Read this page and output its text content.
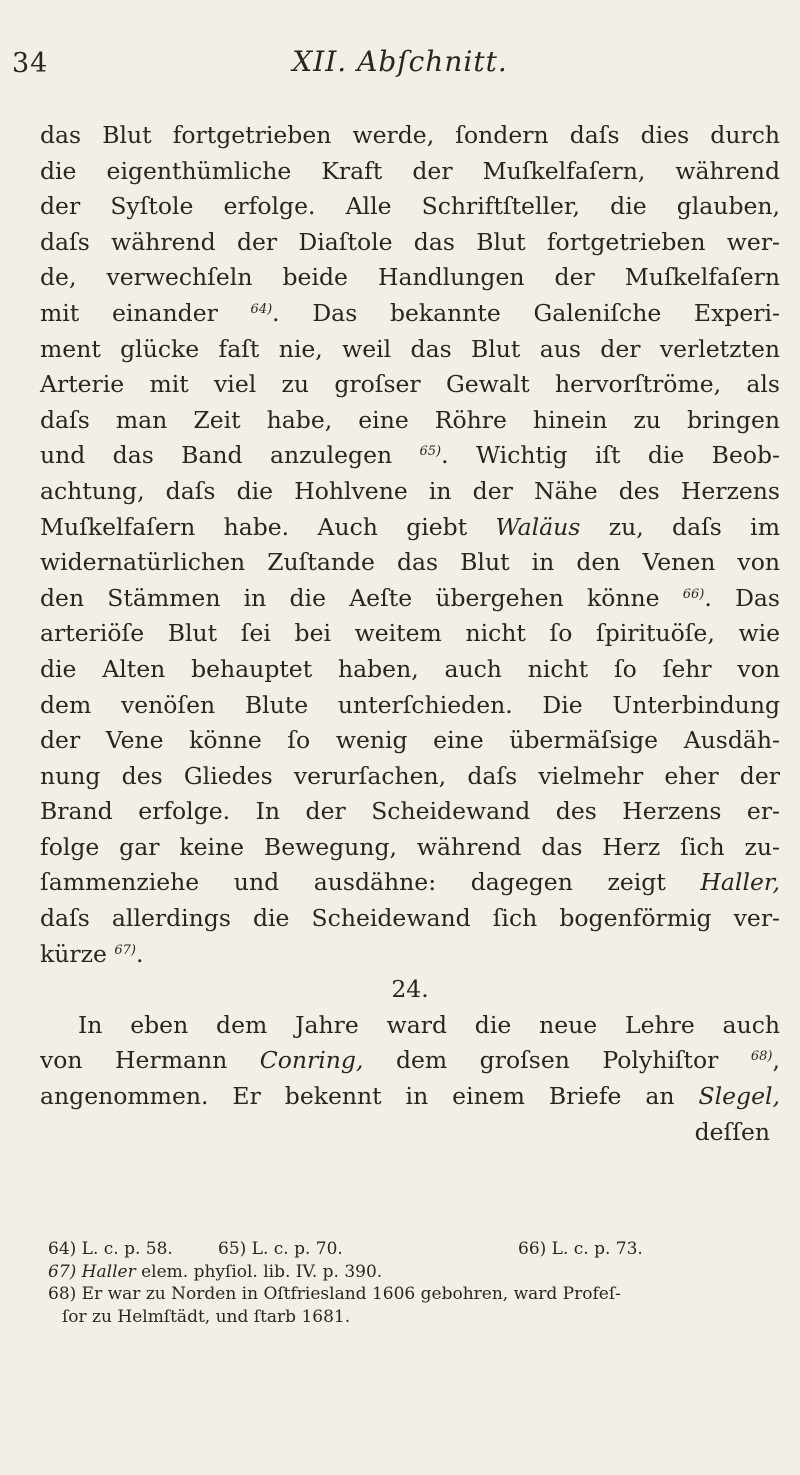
34	XII. Abſchnitt.
das Blut fortgetrieben werde, ſondern daſs dies durch
die eigenthümliche Kraft der Muſkelfaſern, während
der Syſtole erfolge. Alle Schriftſteller, die glauben,
daſs während der Diaſtole das Blut fortgetrieben wer-
de, verwechſeln beide Handlungen der Muſkelfaſern
mit einander	$^{64)}$. Das bekannte Galeniſche Experi-
ment glücke faſt nie, weil das Blut aus der verletzten
Arterie mit viel zu groſser Gewalt hervorſtröme, als
daſs man Zeit habe, eine Röhre hinein zu bringen
und das Band anzulegen $^{65)}$. Wichtig iſt die Beob-
achtung, daſs die Hohlvene in der Nähe des Herzens
Muſkelfaſern habe. Auch giebt Waläus zu, daſs im
widernatürlichen Zuſtande das Blut in den Venen von
den Stämmen in die Aeſte übergehen könne $^{66)}$. Das
arteriöſe Blut ſei bei weitem nicht ſo ſpirituöſe, wie
die Alten behauptet haben, auch nicht ſo ſehr von
dem venöſen Blute unterſchieden. Die Unterbindung
der Vene könne ſo wenig eine übermäſsige Ausdäh-
nung des Gliedes verurſachen, daſs vielmehr eher der
Brand erfolge. In der Scheidewand des Herzens er-
folge gar keine Bewegung, während das Herz ſich zu-
ſammenziehe und ausdähne: dagegen zeigt Haller,
daſs allerdings die Scheidewand ſich bogenförmig ver-
kürze $^{67)}$.
24.
In eben dem Jahre ward die neue Lehre auch
von Hermann Conring, dem groſsen Polyhiſtor	$^{68)}$,
angenommen. Er bekennt in einem Briefe an Slegel,
deſſen
64) L. c. p. 58.	65) L. c. p. 70.	66) L. c. p. 73.
67) Haller elem. phyſiol. lib. IV. p. 390.
68) Er war zu Norden in Oſtfriesland 1606 gebohren, ward Profeſ-
ſor zu Helmſtädt, und ſtarb 1681.
